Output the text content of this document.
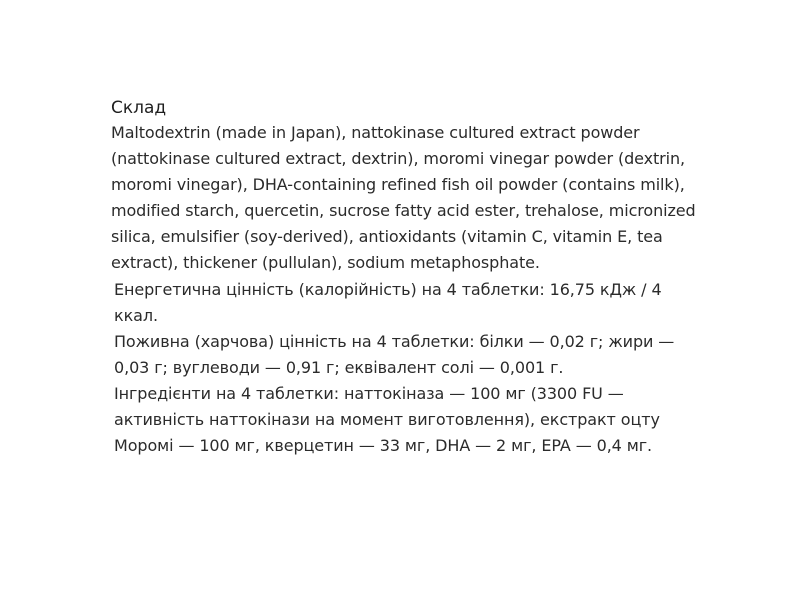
Склад

Maltodextrin (made in Japan), nattokinase cultured extract powder (nattokinase cultured extract, dextrin), moromi vinegar powder (dextrin, moromi vinegar), DHA-containing refined fish oil powder (contains milk), modified starch, quercetin, sucrose fatty acid ester, trehalose, micronized silica, emulsifier (soy-derived), antioxidants (vitamin C, vitamin E, tea extract), thickener (pullulan), sodium metaphosphate.

Енергетична цінність (калорійність) на 4 таблетки: 16,75 кДж / 4 ккал.

Поживна (харчова) цінність на 4 таблетки: білки — 0,02 г; жири — 0,03 г; вуглеводи — 0,91 г; еквівалент солі — 0,001 г.

Інгредієнти на 4 таблетки: наттокіназа — 100 мг (3300 FU — активність наттокінази на момент виготовлення), екстракт оцту Моромі — 100 мг, кверцетин — 33 мг, DHA — 2 мг, EPA — 0,4 мг.
